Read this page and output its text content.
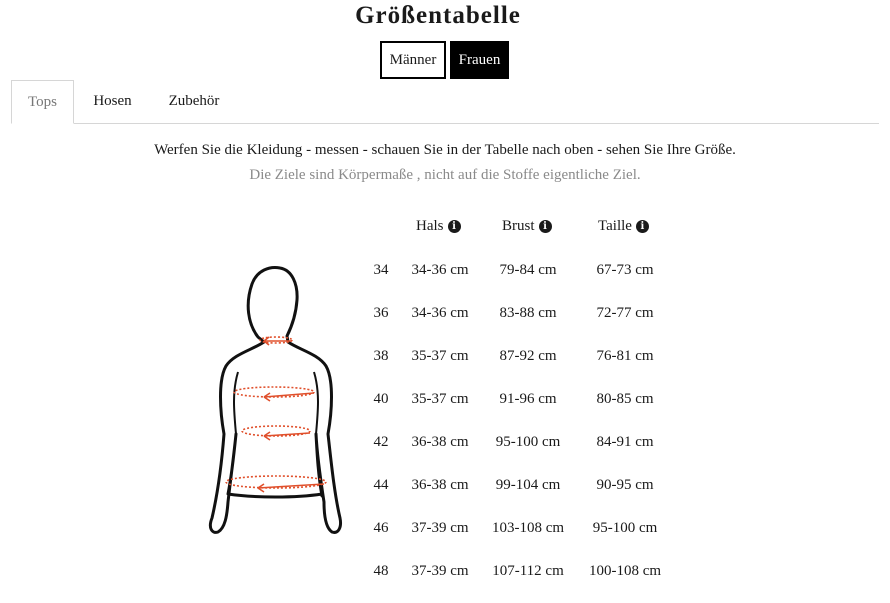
Größentabelle
Männer	Frauen
Tops	Hosen	Zubehör
Werfen Sie die Kleidung - messen - schauen Sie in der Tabelle nach oben - sehen Sie Ihre Größe.
Die Ziele sind Körpermaße , nicht auf die Stoffe eigentliche Ziel.
Hals i	Brust i	Taille i
34 34-36 cm 79-84 cm	67-73 cm
36 34-36 cm 83-88 cm	72-77 cm
38 35-37 cm 87-92 cm	76-81 cm
40 35-37 cm 91-96 cm	80-85 cm
42 36-38 cm 95-100 cm 84-91 cm
44 36-38 cm 99-104 cm 90-95 cm
46 37-39 cm 103-108 cm 95-100 cm
48 37-39 cm 107-112 cm 100-108 cm
